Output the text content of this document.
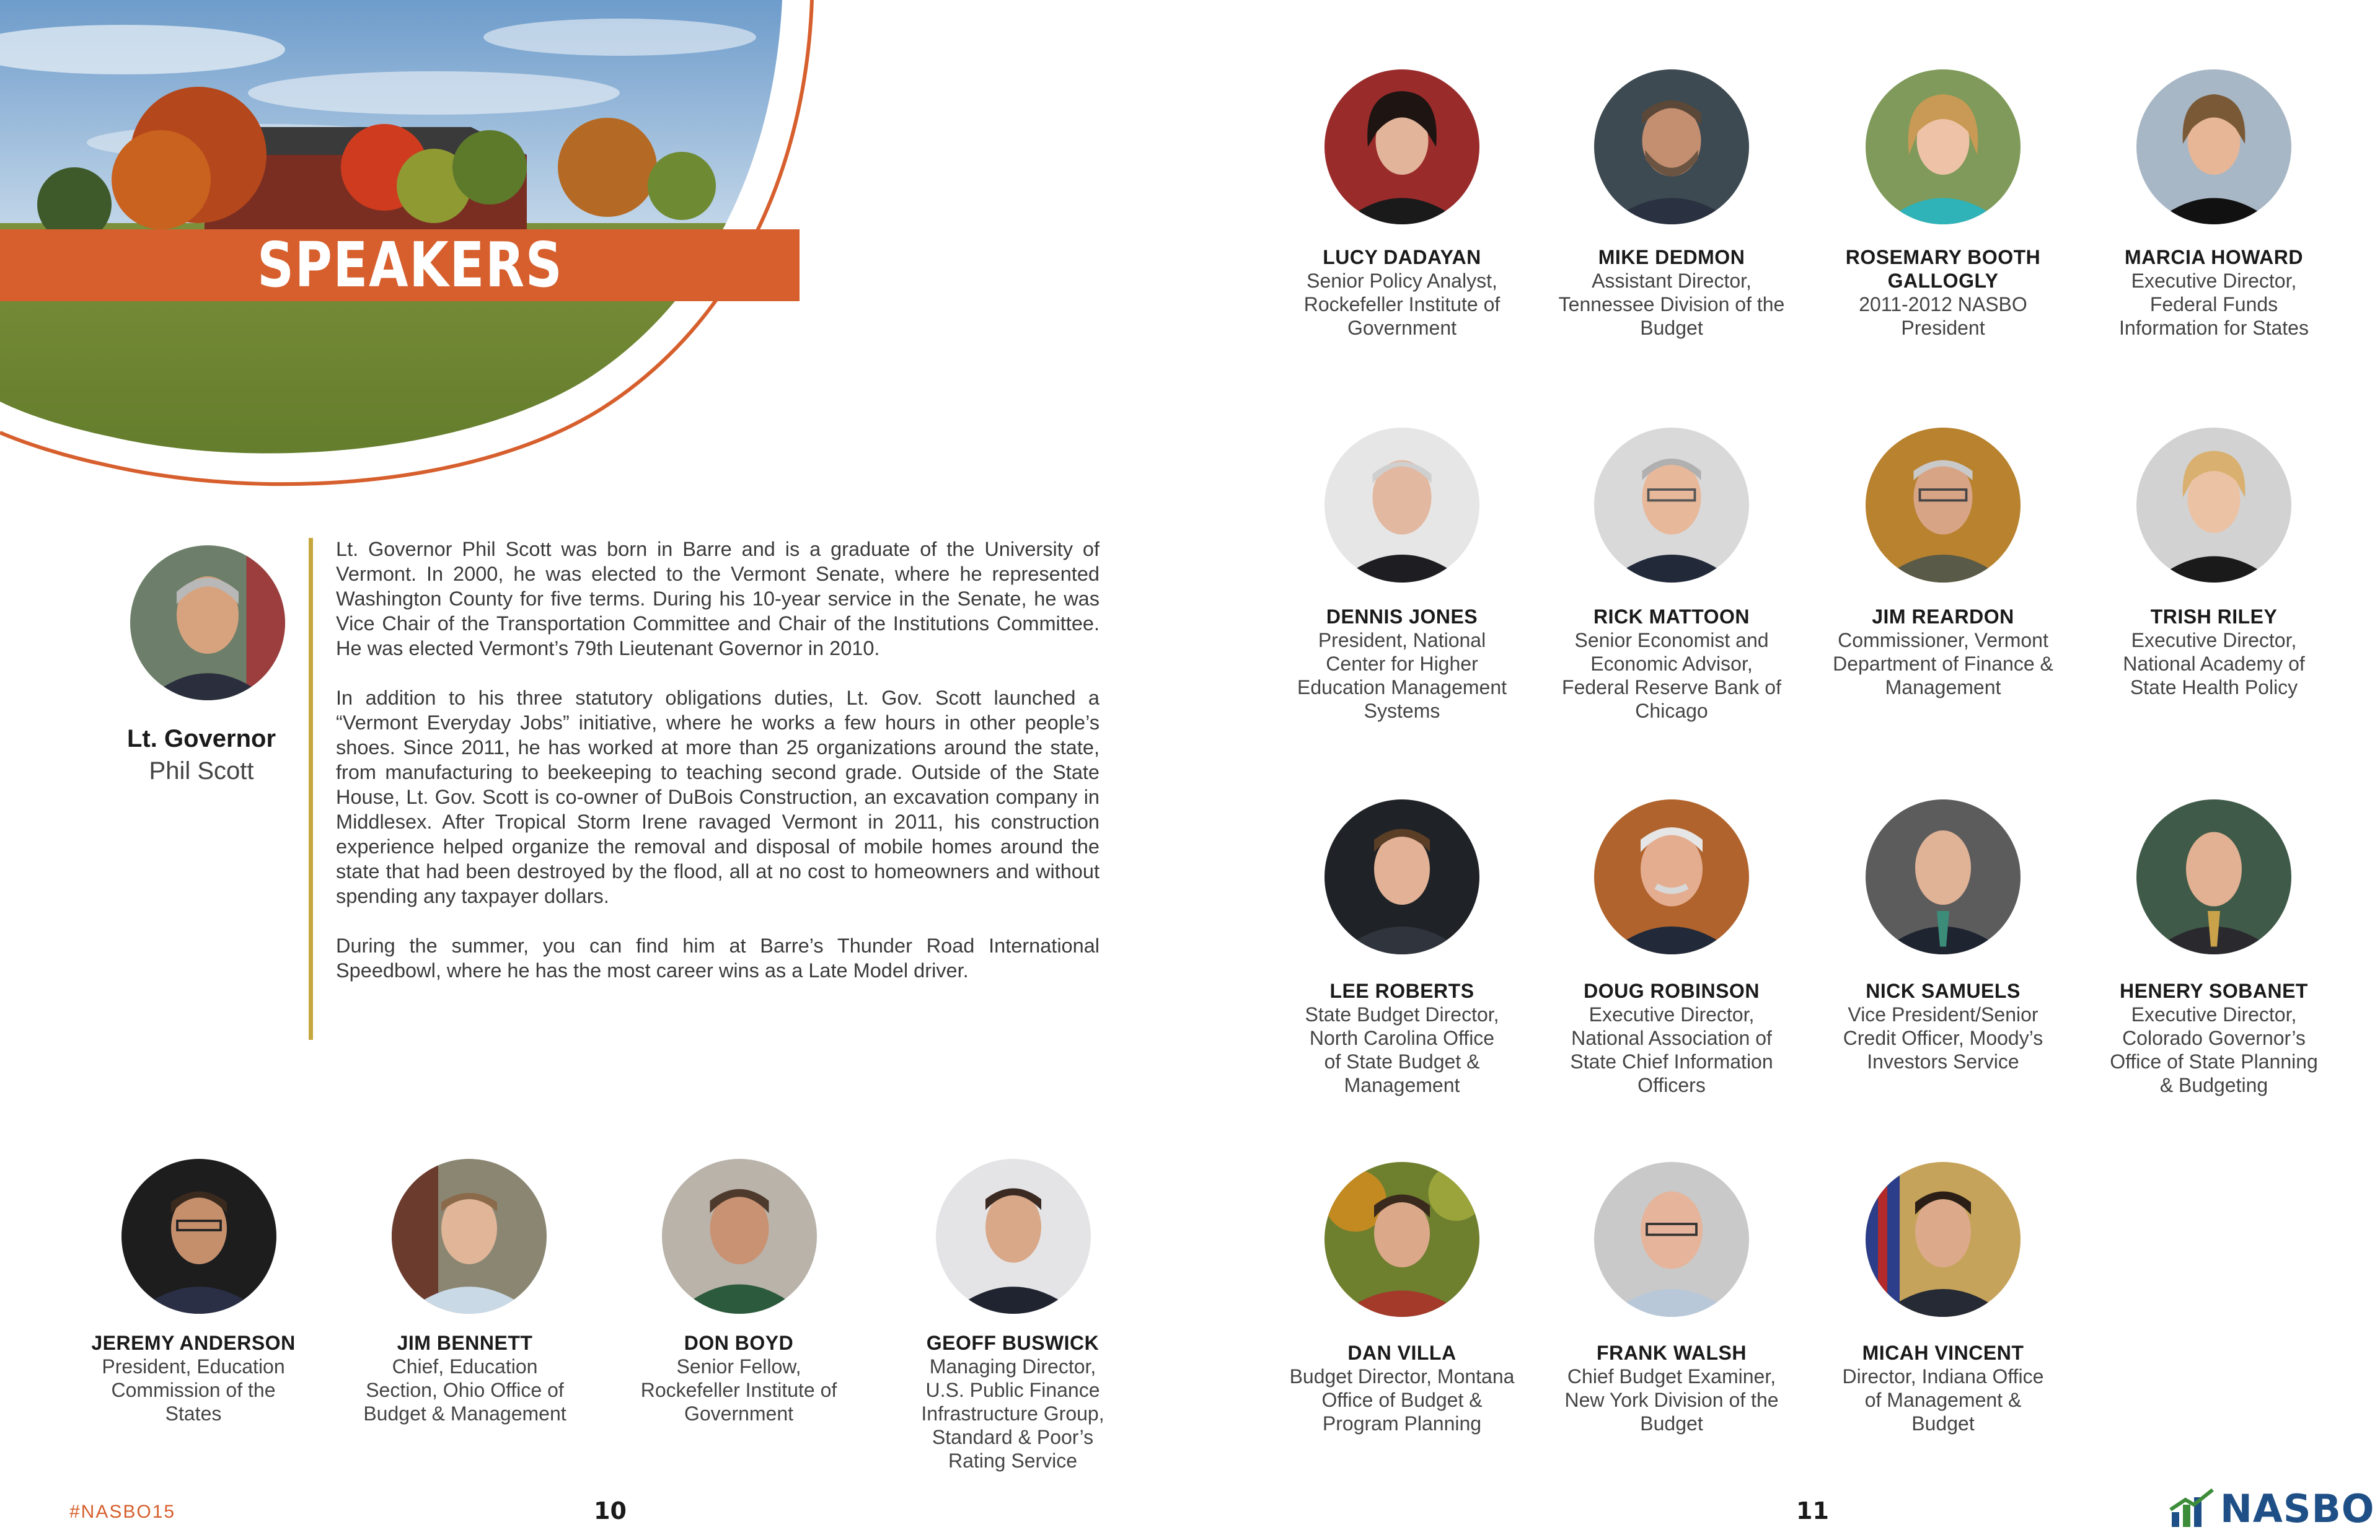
SPEAKERS
Lt. Governor
Phil Scott

Lt. Governor Phil Scott was born in Barre and is a graduate of the University of Vermont. In 2000, he was elected to the Vermont Senate, where he represented Washington County for five terms. During his 10-year service in the Senate, he was Vice Chair of the Transportation Committee and Chair of the Institutions Committee. He was elected Vermont’s 79th Lieutenant Governor in 2010.

In addition to his three statutory obligations duties, Lt. Gov. Scott launched a “Vermont Everyday Jobs” initiative, where he works a few hours in other people’s shoes. Since 2011, he has worked at more than 25 organizations around the state, from manufacturing to beekeeping to teaching second grade. Outside of the State House, Lt. Gov. Scott is co-owner of DuBois Construction, an excavation company in Middlesex. After Tropical Storm Irene ravaged Vermont in 2011, his construction experience helped organize the removal and disposal of mobile homes around the state that had been destroyed by the flood, all at no cost to homeowners and without spending any taxpayer dollars.

During the summer, you can find him at Barre’s Thunder Road International Speedbowl, where he has the most career wins as a Late Model driver.

JEREMY ANDERSON
President, Education
Commission of the
States
JIM BENNETT
Chief, Education
Section, Ohio Office of
Budget & Management
DON BOYD
Senior Fellow,
Rockefeller Institute of
Government
GEOFF BUSWICK
Managing Director,
U.S. Public Finance
Infrastructure Group,
Standard & Poor’s
Rating Service
LUCY DADAYAN
Senior Policy Analyst,
Rockefeller Institute of
Government
MIKE DEDMON
Assistant Director,
Tennessee Division of the
Budget
ROSEMARY BOOTH
GALLOGLY
2011-2012 NASBO
President
MARCIA HOWARD
Executive Director,
Federal Funds
Information for States
DENNIS JONES
President, National
Center for Higher
Education Management
Systems
RICK MATTOON
Senior Economist and
Economic Advisor,
Federal Reserve Bank of
Chicago
JIM REARDON
Commissioner, Vermont
Department of Finance &
Management
TRISH RILEY
Executive Director,
National Academy of
State Health Policy
LEE ROBERTS
State Budget Director,
North Carolina Office
of State Budget &
Management
DOUG ROBINSON
Executive Director,
National Association of
State Chief Information
Officers
NICK SAMUELS
Vice President/Senior
Credit Officer, Moody’s
Investors Service
HENERY SOBANET
Executive Director,
Colorado Governor’s
Office of State Planning
& Budgeting
DAN VILLA
Budget Director, Montana
Office of Budget &
Program Planning
FRANK WALSH
Chief Budget Examiner,
New York Division of the
Budget
MICAH VINCENT
Director, Indiana Office
of Management &
Budget
#NASBO15	10	11	NASBO
